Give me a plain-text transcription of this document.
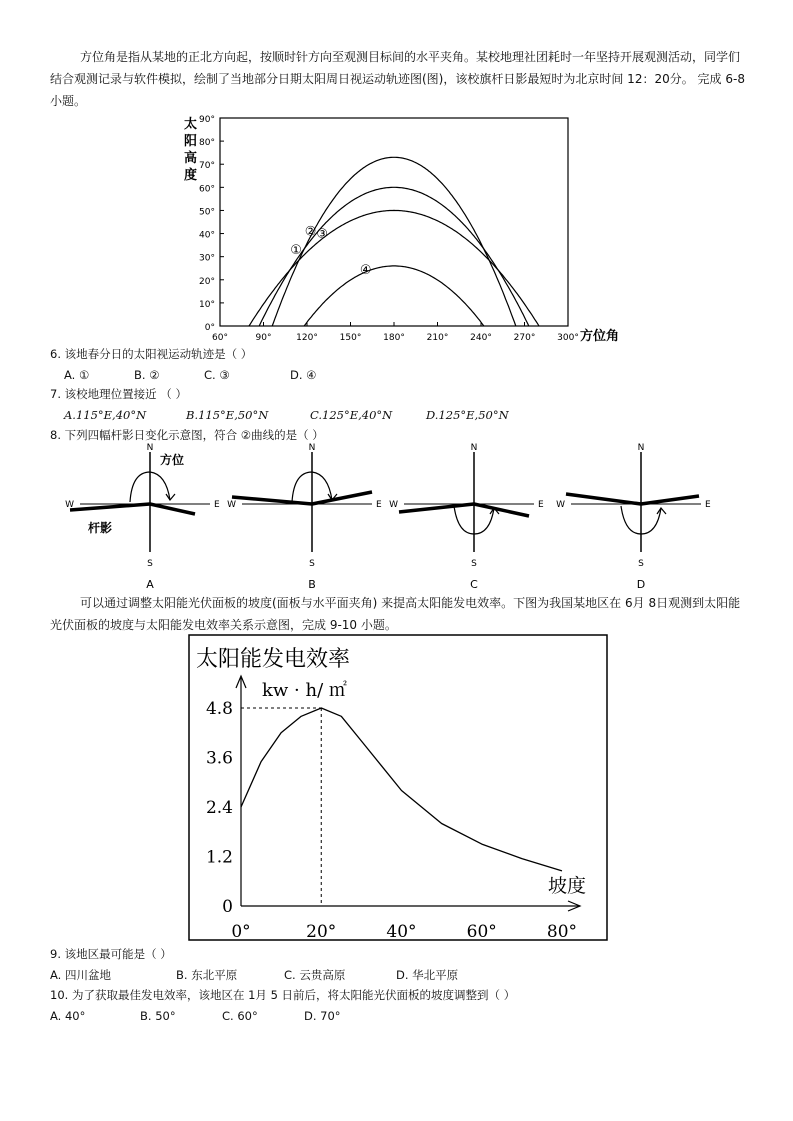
方位角是指从某地的正北方向起，按顺时针方向至观测目标间的水平夹角。某校地理社团耗时一年坚持开展观测活动，同学们结合观测记录与软件模拟，绘制了当地部分日期太阳周日视运动轨迹图(图)，该校旗杆日影最短时为北京时间 12：20分。 完成 6-8小题。

太
阳
高
度
0°
10°
20°
30°
40°
50°
60°
70°
80°
90°
60°	90°	120° 150° 180° 210° 240° 270° 300° 方位角
①
② ③
④
6. 该地春分日的太阳视运动轨迹是（ ）
A. ①	B. ②	C. ③	D. ④
7. 该校地理位置接近 （ ）
A.115°E,40°N	B.115°E,50°N	C.125°E,40°N	D.125°E,50°N
8. 下列四幅杆影日变化示意图，符合 ②曲线的是（ ）
N
S
W	E
A
N
S
W	E
B
N
S
W	E
C
N
S
W	E
D
方位
杆影

可以通过调整太阳能光伏面板的坡度(面板与水平面夹角) 来提高太阳能发电效率。下图为我国某地区在 6月 8日观测到太阳能光伏面板的坡度与太阳能发电效率关系示意图，完成 9-10 小题。

太阳能发电效率
kw · h/ ㎡
0
1.2
2.4
3.6
4.8
0°	20°	40°	60°	80°
坡度
9. 该地区最可能是（ ）
A. 四川盆地	B. 东北平原	C. 云贵高原	D. 华北平原
10. 为了获取最佳发电效率，该地区在 1月 5 日前后，将太阳能光伏面板的坡度调整到（ ）
A. 40°	B. 50°	C. 60°	D. 70°
